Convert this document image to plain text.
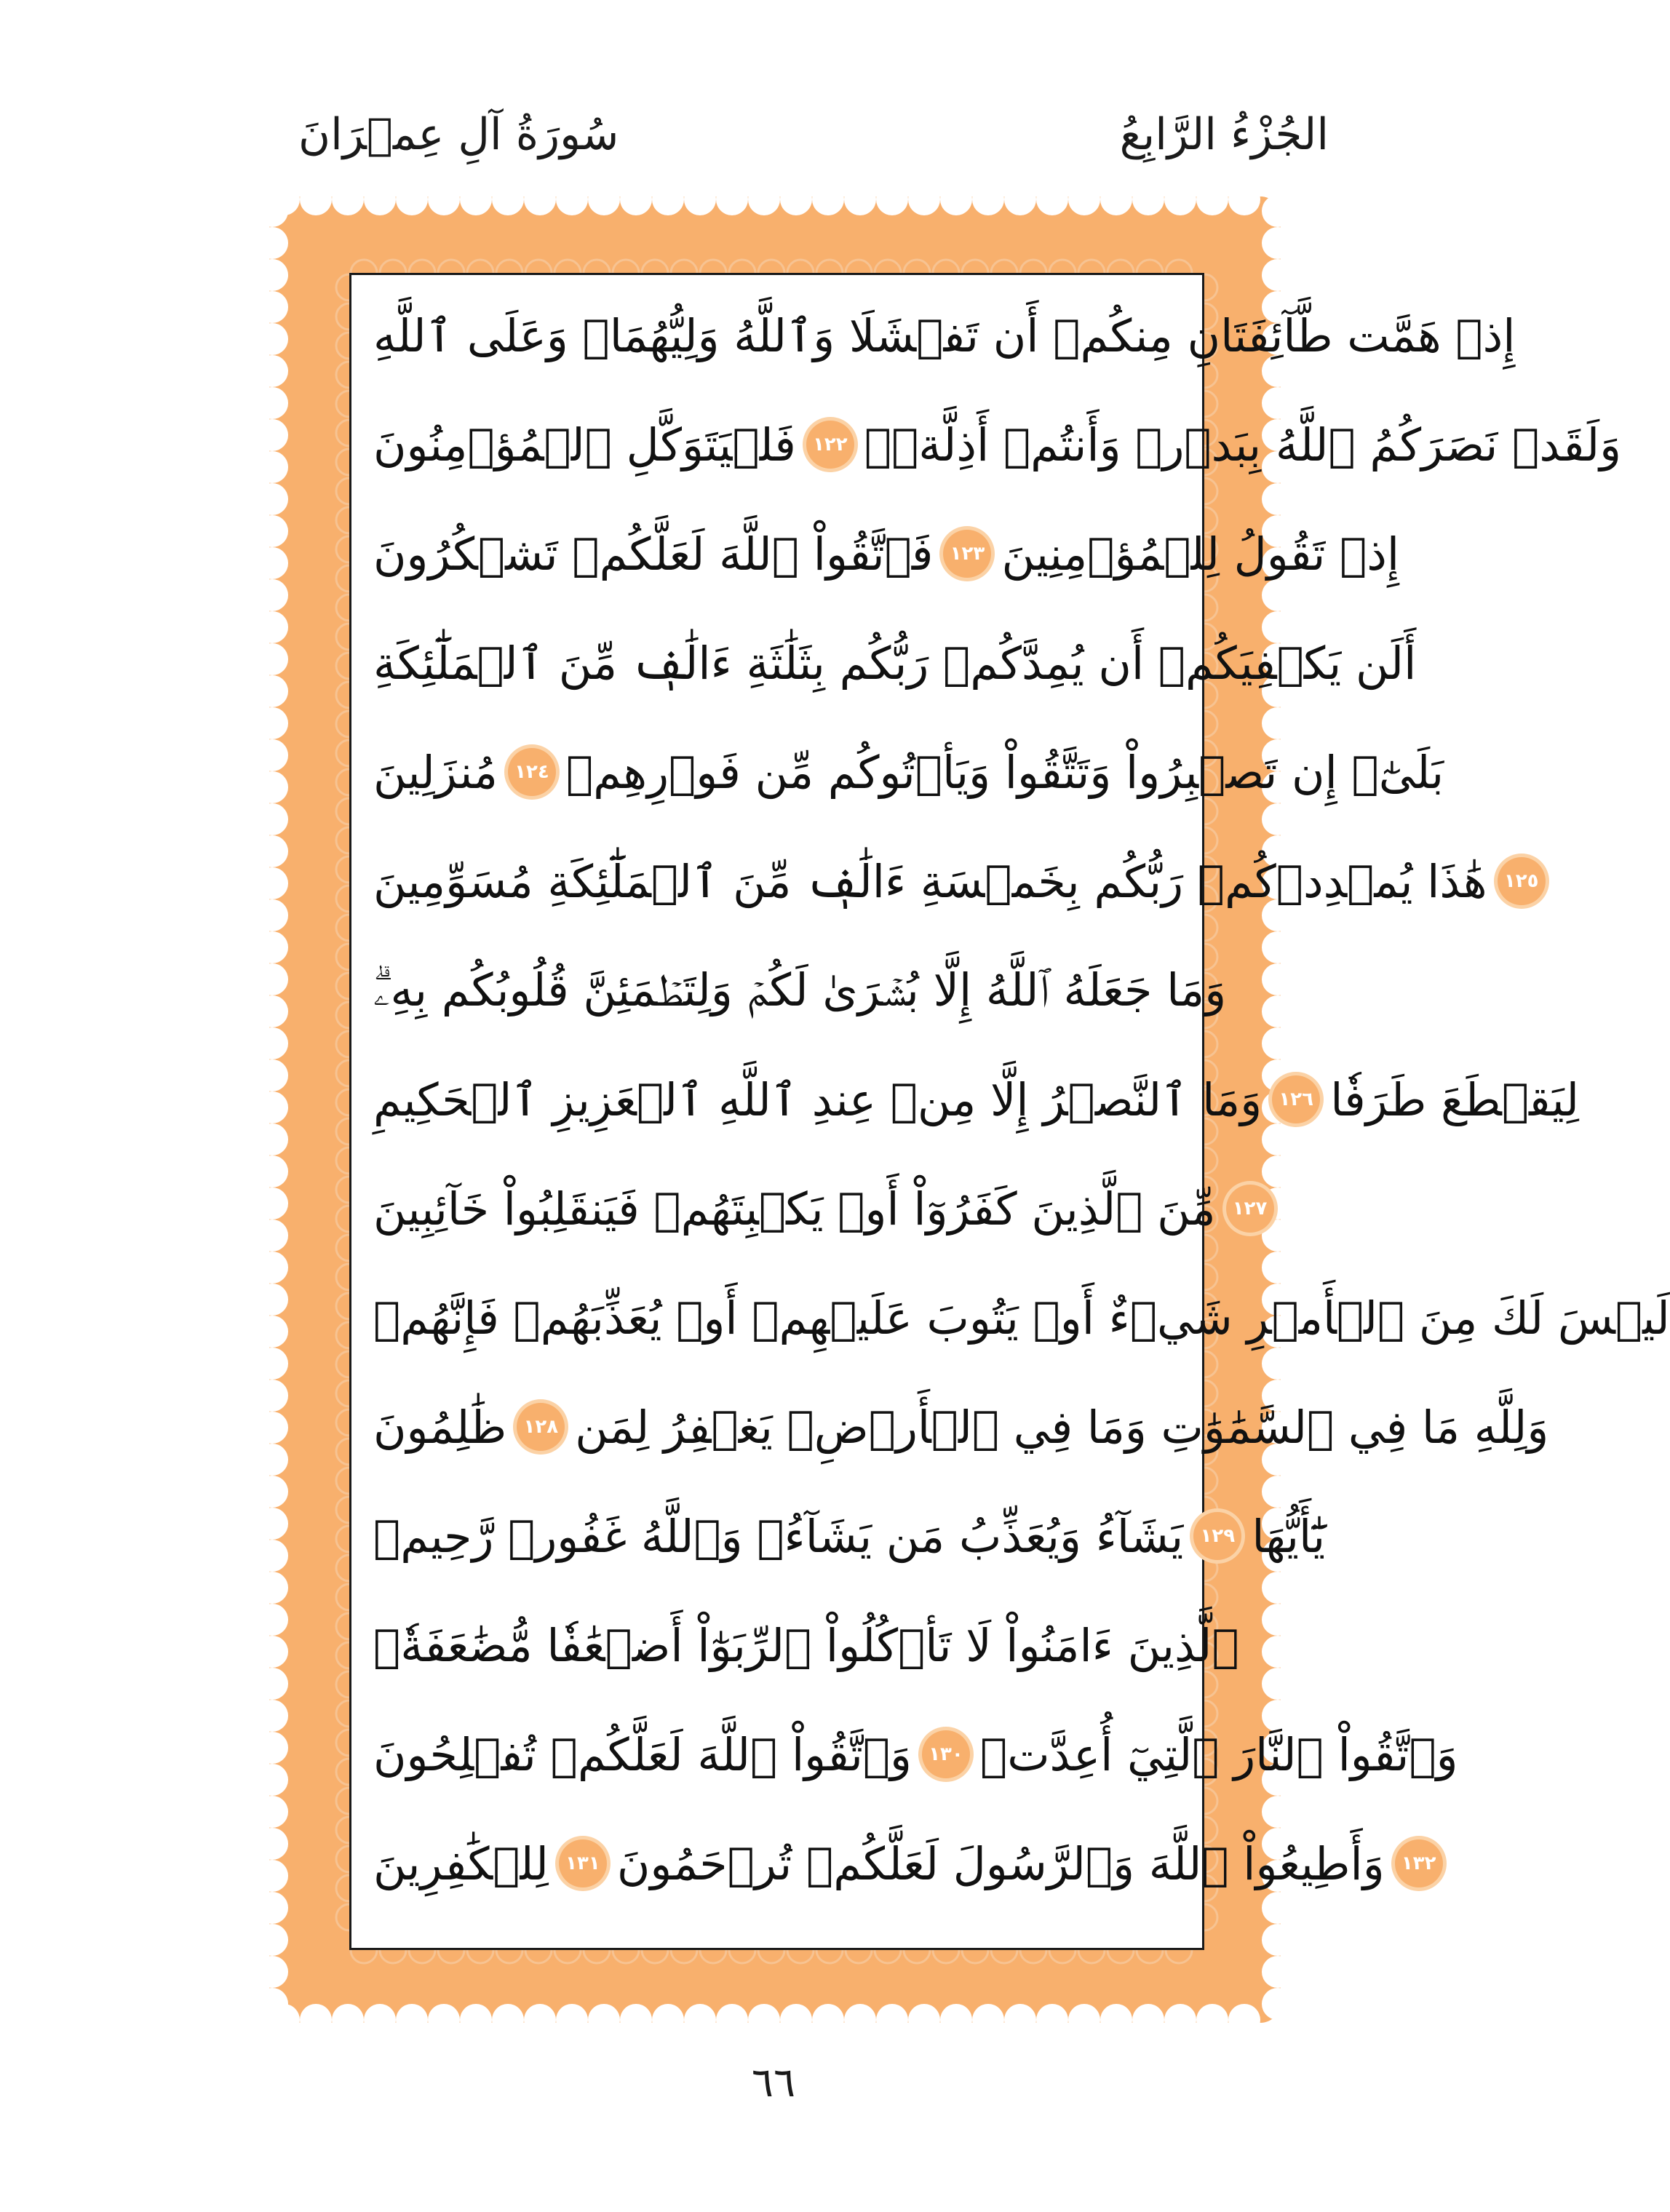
الجُزْءُ الرَّابِعُ
سُورَةُ آلِ عِمۡرَانَ
إِذۡ هَمَّت طَّآئِفَتَانِ مِنكُمۡ أَن تَفۡشَلَا وَٱللَّهُ وَلِيُّهُمَاۗ وَعَلَى ٱللَّهِ
فَلۡيَتَوَكَّلِ ٱلۡمُؤۡمِنُونَ ١٢٢ وَلَقَدۡ نَصَرَكُمُ ٱللَّهُ بِبَدۡرٖ وَأَنتُمۡ أَذِلَّةٞۖ
فَٱتَّقُواْ ٱللَّهَ لَعَلَّكُمۡ تَشۡكُرُونَ ١٢٣ إِذۡ تَقُولُ لِلۡمُؤۡمِنِينَ
أَلَن يَكۡفِيَكُمۡ أَن يُمِدَّكُمۡ رَبُّكُم بِثَلَٰثَةِ ءَالَٰفٖ مِّنَ ٱلۡمَلَٰٓئِكَةِ
مُنزَلِينَ ١٢٤ بَلَىٰٓۚ إِن تَصۡبِرُواْ وَتَتَّقُواْ وَيَأۡتُوكُم مِّن فَوۡرِهِمۡ
هَٰذَا يُمۡدِدۡكُمۡ رَبُّكُم بِخَمۡسَةِ ءَالَٰفٖ مِّنَ ٱلۡمَلَٰٓئِكَةِ مُسَوِّمِينَ ١٢٥
وَمَا جَعَلَهُ ٱللَّهُ إِلَّا بُشۡرَىٰ لَكُمۡ وَلِتَطۡمَئِنَّ قُلُوبُكُم بِهِۦۗ
وَمَا ٱلنَّصۡرُ إِلَّا مِنۡ عِندِ ٱللَّهِ ٱلۡعَزِيزِ ٱلۡحَكِيمِ ١٢٦ لِيَقۡطَعَ طَرَفٗا
مِّنَ ٱلَّذِينَ كَفَرُوٓاْ أَوۡ يَكۡبِتَهُمۡ فَيَنقَلِبُواْ خَآئِبِينَ ١٢٧
لَيۡسَ لَكَ مِنَ ٱلۡأَمۡرِ شَيۡءٌ أَوۡ يَتُوبَ عَلَيۡهِمۡ أَوۡ يُعَذِّبَهُمۡ فَإِنَّهُمۡ
ظَٰلِمُونَ ١٢٨ وَلِلَّهِ مَا فِي ٱلسَّمَٰوَٰتِ وَمَا فِي ٱلۡأَرۡضِۚ يَغۡفِرُ لِمَن
يَشَآءُ وَيُعَذِّبُ مَن يَشَآءُۚ وَٱللَّهُ غَفُورٞ رَّحِيمٞ ١٢٩ يَٰٓأَيُّهَا
ٱلَّذِينَ ءَامَنُواْ لَا تَأۡكُلُواْ ٱلرِّبَوٰٓاْ أَضۡعَٰفٗا مُّضَٰعَفَةٗۖ
وَٱتَّقُواْ ٱللَّهَ لَعَلَّكُمۡ تُفۡلِحُونَ ١٣٠ وَٱتَّقُواْ ٱلنَّارَ ٱلَّتِيٓ أُعِدَّتۡ
لِلۡكَٰفِرِينَ ١٣١ وَأَطِيعُواْ ٱللَّهَ وَٱلرَّسُولَ لَعَلَّكُمۡ تُرۡحَمُونَ ١٣٢
٦٦
